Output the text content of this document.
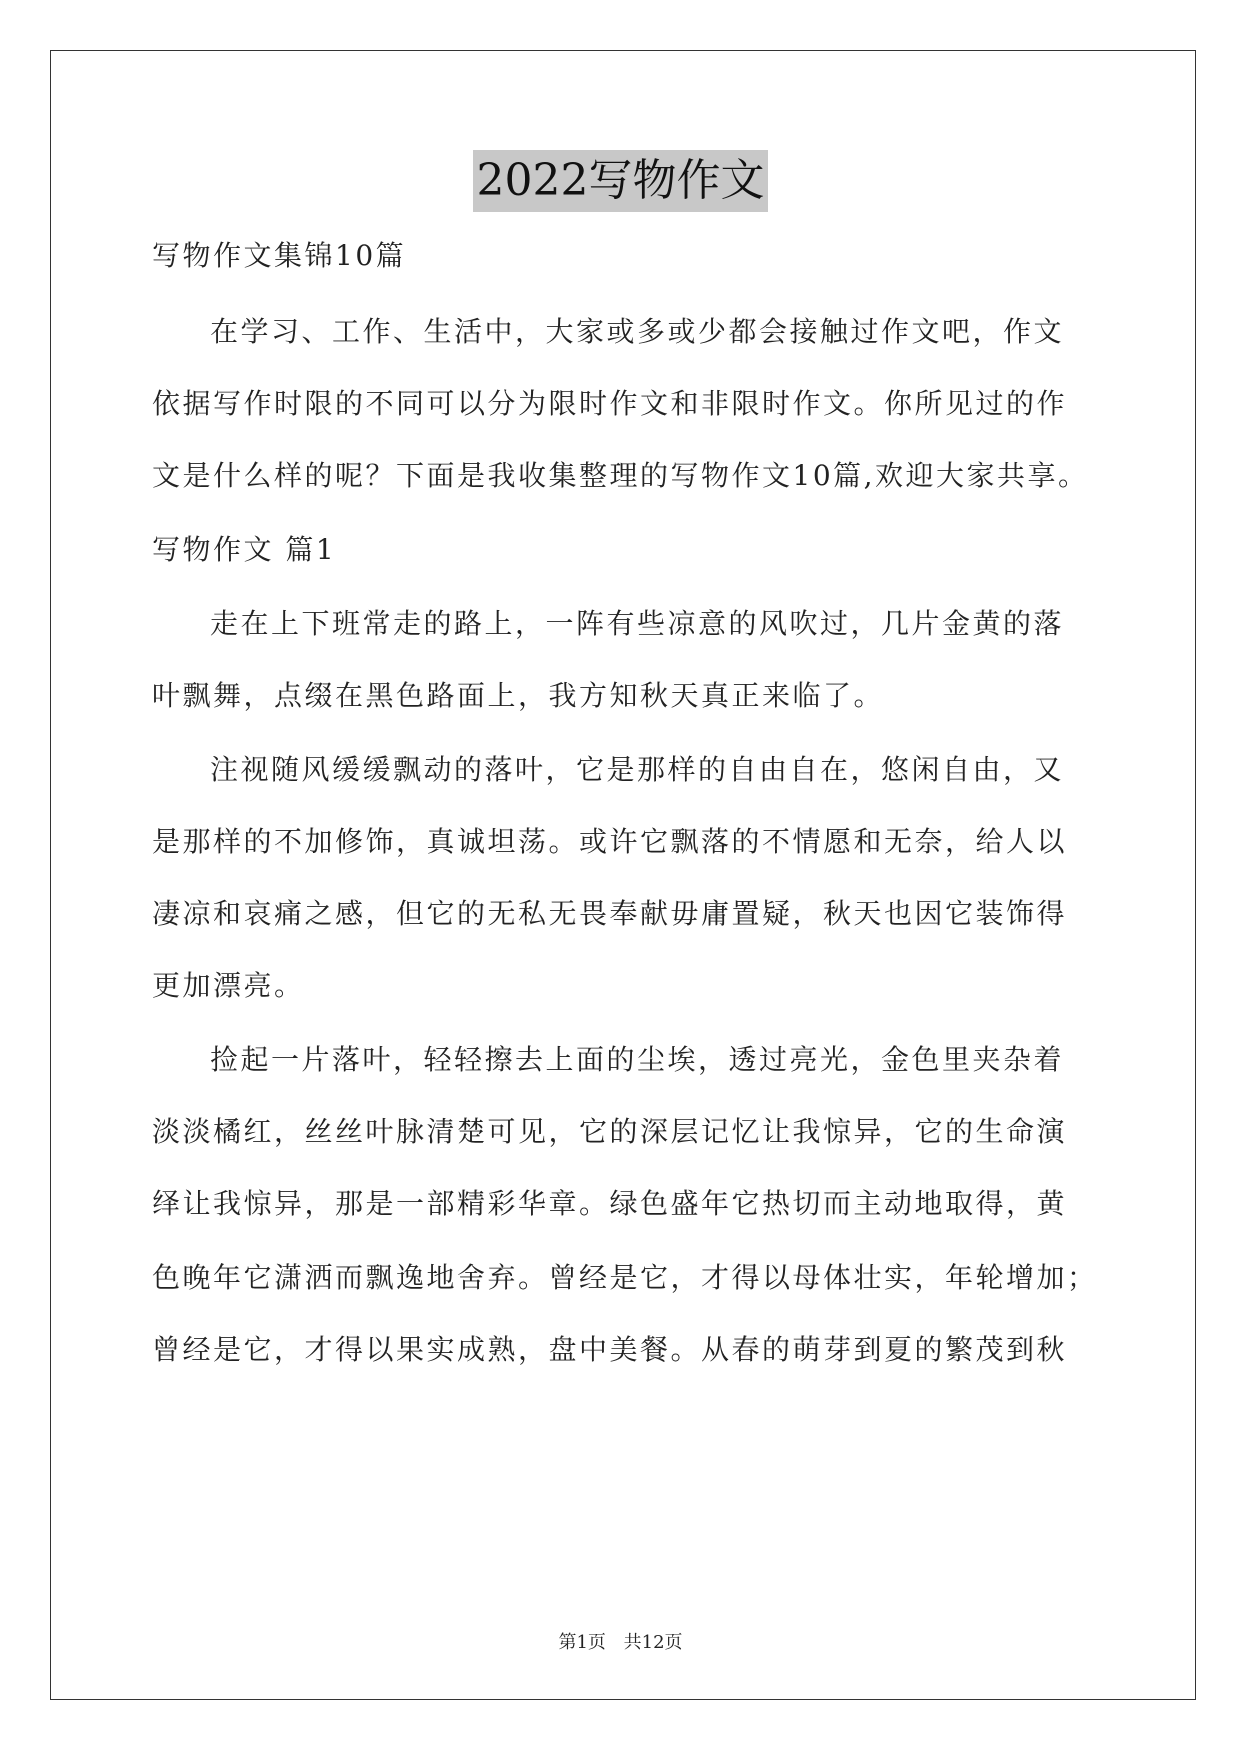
2022写物作文
写物作文集锦10篇
在学习、工作、生活中，大家或多或少都会接触过作文吧，作文
依据写作时限的不同可以分为限时作文和非限时作文。你所见过的作
文是什么样的呢？下面是我收集整理的写物作文10篇,欢迎大家共享。
写物作文 篇1
走在上下班常走的路上，一阵有些凉意的风吹过，几片金黄的落
叶飘舞，点缀在黑色路面上，我方知秋天真正来临了。
注视随风缓缓飘动的落叶，它是那样的自由自在，悠闲自由，又
是那样的不加修饰，真诚坦荡。或许它飘落的不情愿和无奈，给人以
凄凉和哀痛之感，但它的无私无畏奉献毋庸置疑，秋天也因它装饰得
更加漂亮。
捡起一片落叶，轻轻擦去上面的尘埃，透过亮光，金色里夹杂着
淡淡橘红，丝丝叶脉清楚可见，它的深层记忆让我惊异，它的生命演
绎让我惊异，那是一部精彩华章。绿色盛年它热切而主动地取得，黄
色晚年它潇洒而飘逸地舍弃。曾经是它，才得以母体壮实，年轮增加；
曾经是它，才得以果实成熟，盘中美餐。从春的萌芽到夏的繁茂到秋
第1页 共12页
